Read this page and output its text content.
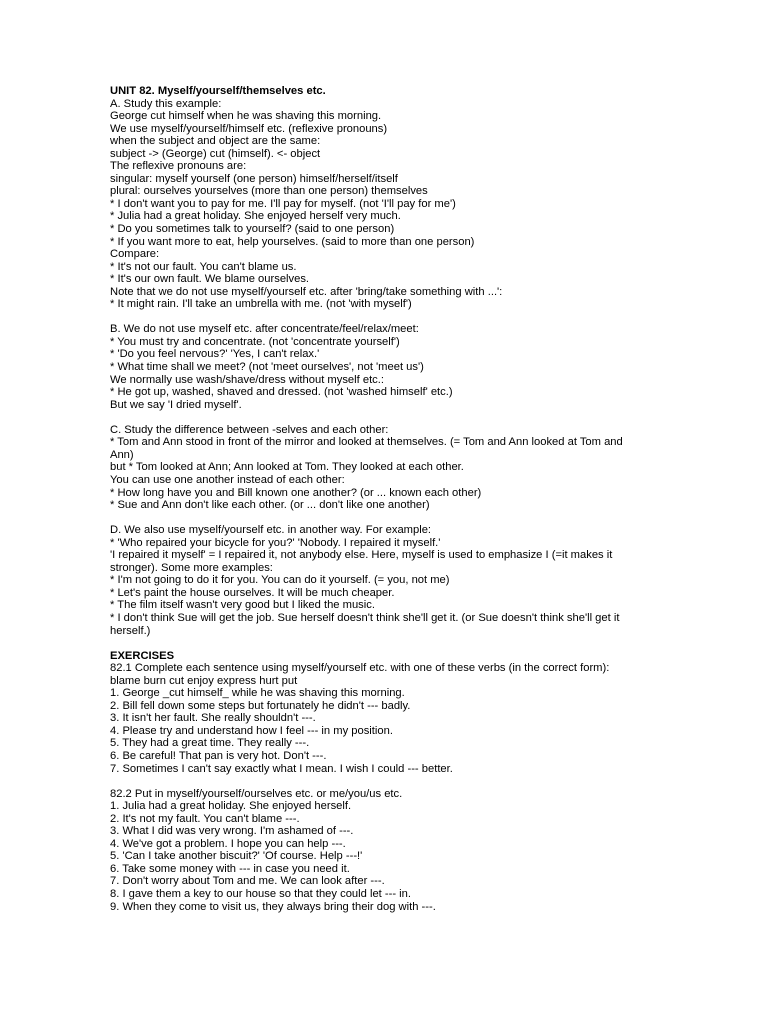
UNIT 82. Myself/yourself/themselves etc.
A. Study this example:
George cut himself when he was shaving this morning.
We use myself/yourself/himself etc. (reflexive pronouns)
when the subject and object are the same:
subject -> (George) cut (himself). <- object
The reflexive pronouns are:
singular: myself yourself (one person) himself/herself/itself
plural: ourselves yourselves (more than one person) themselves
* I don't want you to pay for me. I'll pay for myself. (not 'I'll pay for me')
* Julia had a great holiday. She enjoyed herself very much.
* Do you sometimes talk to yourself? (said to one person)
* If you want more to eat, help yourselves. (said to more than one person)
Compare:
* It's not our fault. You can't blame us.
* It's our own fault. We blame ourselves.
Note that we do not use myself/yourself etc. after 'bring/take something with ...':
* It might rain. I'll take an umbrella with me. (not 'with myself')
B. We do not use myself etc. after concentrate/feel/relax/meet:
* You must try and concentrate. (not 'concentrate yourself')
* 'Do you feel nervous?' 'Yes, I can't relax.'
* What time shall we meet? (not 'meet ourselves', not 'meet us')
We normally use wash/shave/dress without myself etc.:
* He got up, washed, shaved and dressed. (not 'washed himself' etc.)
But we say 'I dried myself'.
C. Study the difference between -selves and each other:
* Tom and Ann stood in front of the mirror and looked at themselves. (= Tom and Ann looked at Tom and
Ann)
but * Tom looked at Ann; Ann looked at Tom. They looked at each other.
You can use one another instead of each other:
* How long have you and Bill known one another? (or ... known each other)
* Sue and Ann don't like each other. (or ... don't like one another)
D. We also use myself/yourself etc. in another way. For example:
* 'Who repaired your bicycle for you?' 'Nobody. I repaired it myself.'
'I repaired it myself' = I repaired it, not anybody else. Here, myself is used to emphasize I (=it makes it
stronger). Some more examples:
* I'm not going to do it for you. You can do it yourself. (= you, not me)
* Let's paint the house ourselves. It will be much cheaper.
* The film itself wasn't very good but I liked the music.
* I don't think Sue will get the job. Sue herself doesn't think she'll get it. (or Sue doesn't think she'll get it
herself.)
EXERCISES
82.1 Complete each sentence using myself/yourself etc. with one of these verbs (in the correct form):
blame burn cut enjoy express hurt put
1. George _cut himself_ while he was shaving this morning.
2. Bill fell down some steps but fortunately he didn't --- badly.
3. It isn't her fault. She really shouldn't ---.
4. Please try and understand how I feel --- in my position.
5. They had a great time. They really ---.
6. Be careful! That pan is very hot. Don't ---.
7. Sometimes I can't say exactly what I mean. I wish I could --- better.
82.2 Put in myself/yourself/ourselves etc. or me/you/us etc.
1. Julia had a great holiday. She enjoyed herself.
2. It's not my fault. You can't blame ---.
3. What I did was very wrong. I'm ashamed of ---.
4. We've got a problem. I hope you can help ---.
5. 'Can I take another biscuit?' 'Of course. Help ---!'
6. Take some money with --- in case you need it.
7. Don't worry about Tom and me. We can look after ---.
8. I gave them a key to our house so that they could let --- in.
9. When they come to visit us, they always bring their dog with ---.
